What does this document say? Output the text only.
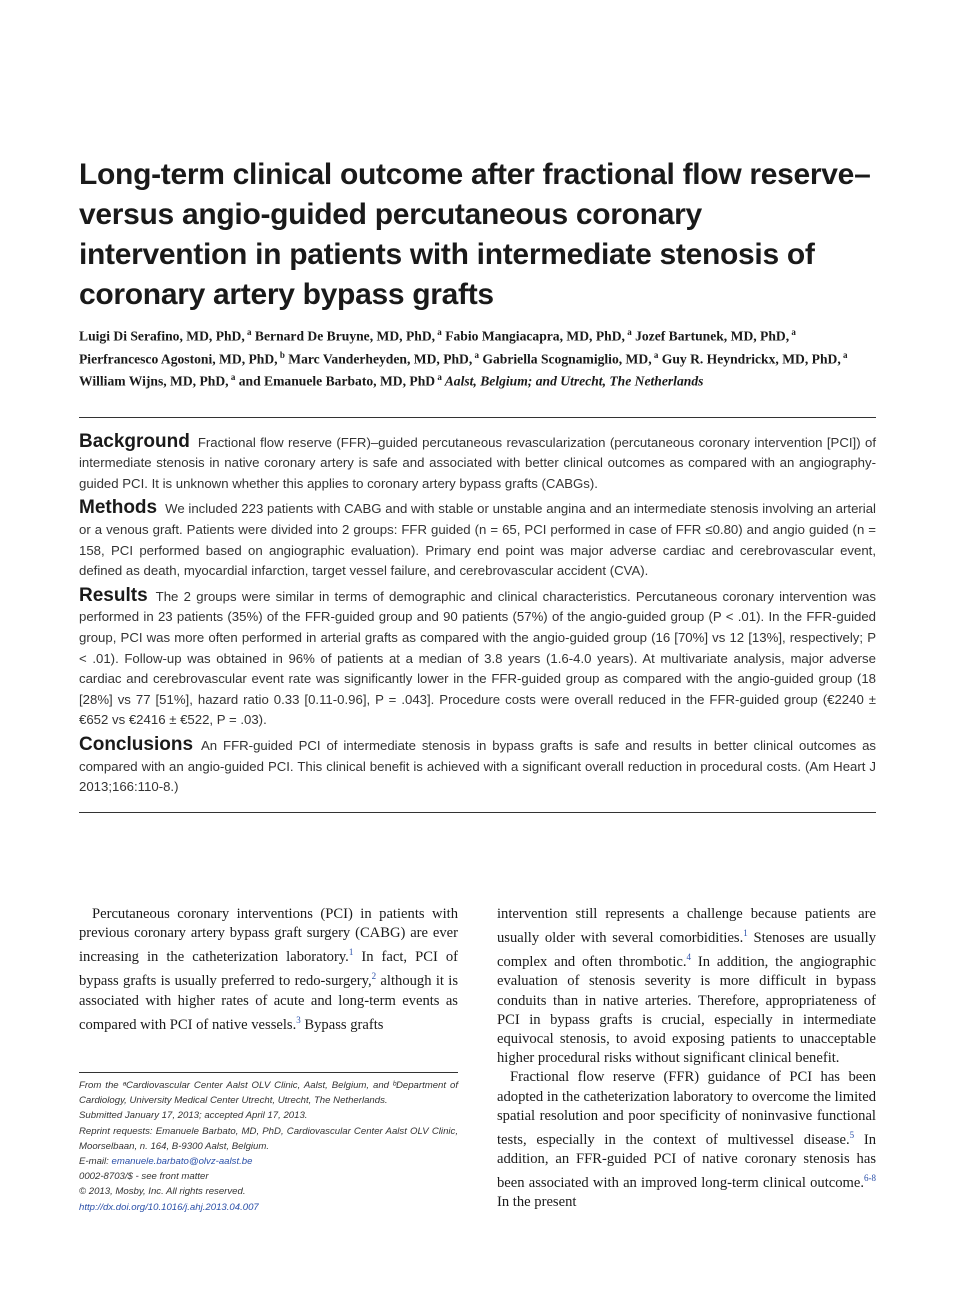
Long-term clinical outcome after fractional flow reserve– versus angio-guided percutaneous coronary intervention in patients with intermediate stenosis of coronary artery bypass grafts
Luigi Di Serafino, MD, PhD, $^a$ Bernard De Bruyne, MD, PhD, $^a$ Fabio Mangiacapra, MD, PhD, $^a$ Jozef Bartunek, MD, PhD, $^a$ Pierfrancesco Agostoni, MD, PhD, $^b$ Marc Vanderheyden, MD, PhD, $^a$ Gabriella Scognamiglio, MD, $^a$ Guy R. Heyndrickx, MD, PhD, $^a$ William Wijns, MD, PhD, $^a$ and Emanuele Barbato, MD, PhD $^a$ Aalst, Belgium; and Utrecht, The Netherlands

Background Fractional flow reserve (FFR)–guided percutaneous revascularization (percutaneous coronary intervention [PCI]) of intermediate stenosis in native coronary artery is safe and associated with better clinical outcomes as compared with an angiography-guided PCI. It is unknown whether this applies to coronary artery bypass grafts (CABGs).

Methods We included 223 patients with CABG and with stable or unstable angina and an intermediate stenosis involving an arterial or a venous graft. Patients were divided into 2 groups: FFR guided (n = 65, PCI performed in case of FFR ≤0.80) and angio guided (n = 158, PCI performed based on angiographic evaluation). Primary end point was major adverse cardiac and cerebrovascular event, defined as death, myocardial infarction, target vessel failure, and cerebrovascular accident (CVA).

Results The 2 groups were similar in terms of demographic and clinical characteristics. Percutaneous coronary intervention was performed in 23 patients (35%) of the FFR-guided group and 90 patients (57%) of the angio-guided group (P < .01). In the FFR-guided group, PCI was more often performed in arterial grafts as compared with the angio-guided group (16 [70%] vs 12 [13%], respectively; P < .01). Follow-up was obtained in 96% of patients at a median of 3.8 years (1.6-4.0 years). At multivariate analysis, major adverse cardiac and cerebrovascular event rate was significantly lower in the FFR-guided group as compared with the angio-guided group (18 [28%] vs 77 [51%], hazard ratio 0.33 [0.11-0.96], P = .043]. Procedure costs were overall reduced in the FFR-guided group (€2240 ± €652 vs €2416 ± €522, P = .03).

Conclusions An FFR-guided PCI of intermediate stenosis in bypass grafts is safe and results in better clinical outcomes as compared with an angio-guided PCI. This clinical benefit is achieved with a significant overall reduction in procedural costs. (Am Heart J 2013;166:110-8.)

Percutaneous coronary interventions (PCI) in patients with previous coronary artery bypass graft surgery (CABG) are ever increasing in the catheterization laboratory.$^1$ In fact, PCI of bypass grafts is usually preferred to redo-surgery,$^2$ although it is associated with higher rates of acute and long-term events as compared with PCI of native vessels.$^3$ Bypass grafts

From the ᵃCardiovascular Center Aalst OLV Clinic, Aalst, Belgium, and ᵇDepartment of Cardiology, University Medical Center Utrecht, Utrecht, The Netherlands.
Submitted January 17, 2013; accepted April 17, 2013.
Reprint requests: Emanuele Barbato, MD, PhD, Cardiovascular Center Aalst OLV Clinic, Moorselbaan, n. 164, B-9300 Aalst, Belgium.
E-mail: emanuele.barbato@olvz-aalst.be
0002-8703/$ - see front matter
© 2013, Mosby, Inc. All rights reserved.
http://dx.doi.org/10.1016/j.ahj.2013.04.007

intervention still represents a challenge because patients are usually older with several comorbidities.$^1$ Stenoses are usually complex and often thrombotic.$^4$ In addition, the angiographic evaluation of stenosis severity is more difficult in bypass conduits than in native arteries. Therefore, appropriateness of PCI in bypass grafts is crucial, especially in intermediate equivocal stenosis, to avoid exposing patients to unacceptable higher procedural risks without significant clinical benefit.

Fractional flow reserve (FFR) guidance of PCI has been adopted in the catheterization laboratory to overcome the limited spatial resolution and poor specificity of noninvasive functional tests, especially in the context of multivessel disease.$^5$ In addition, an FFR-guided PCI of native coronary stenosis has been associated with an improved long-term clinical outcome.$^{6-8}$ In the present
